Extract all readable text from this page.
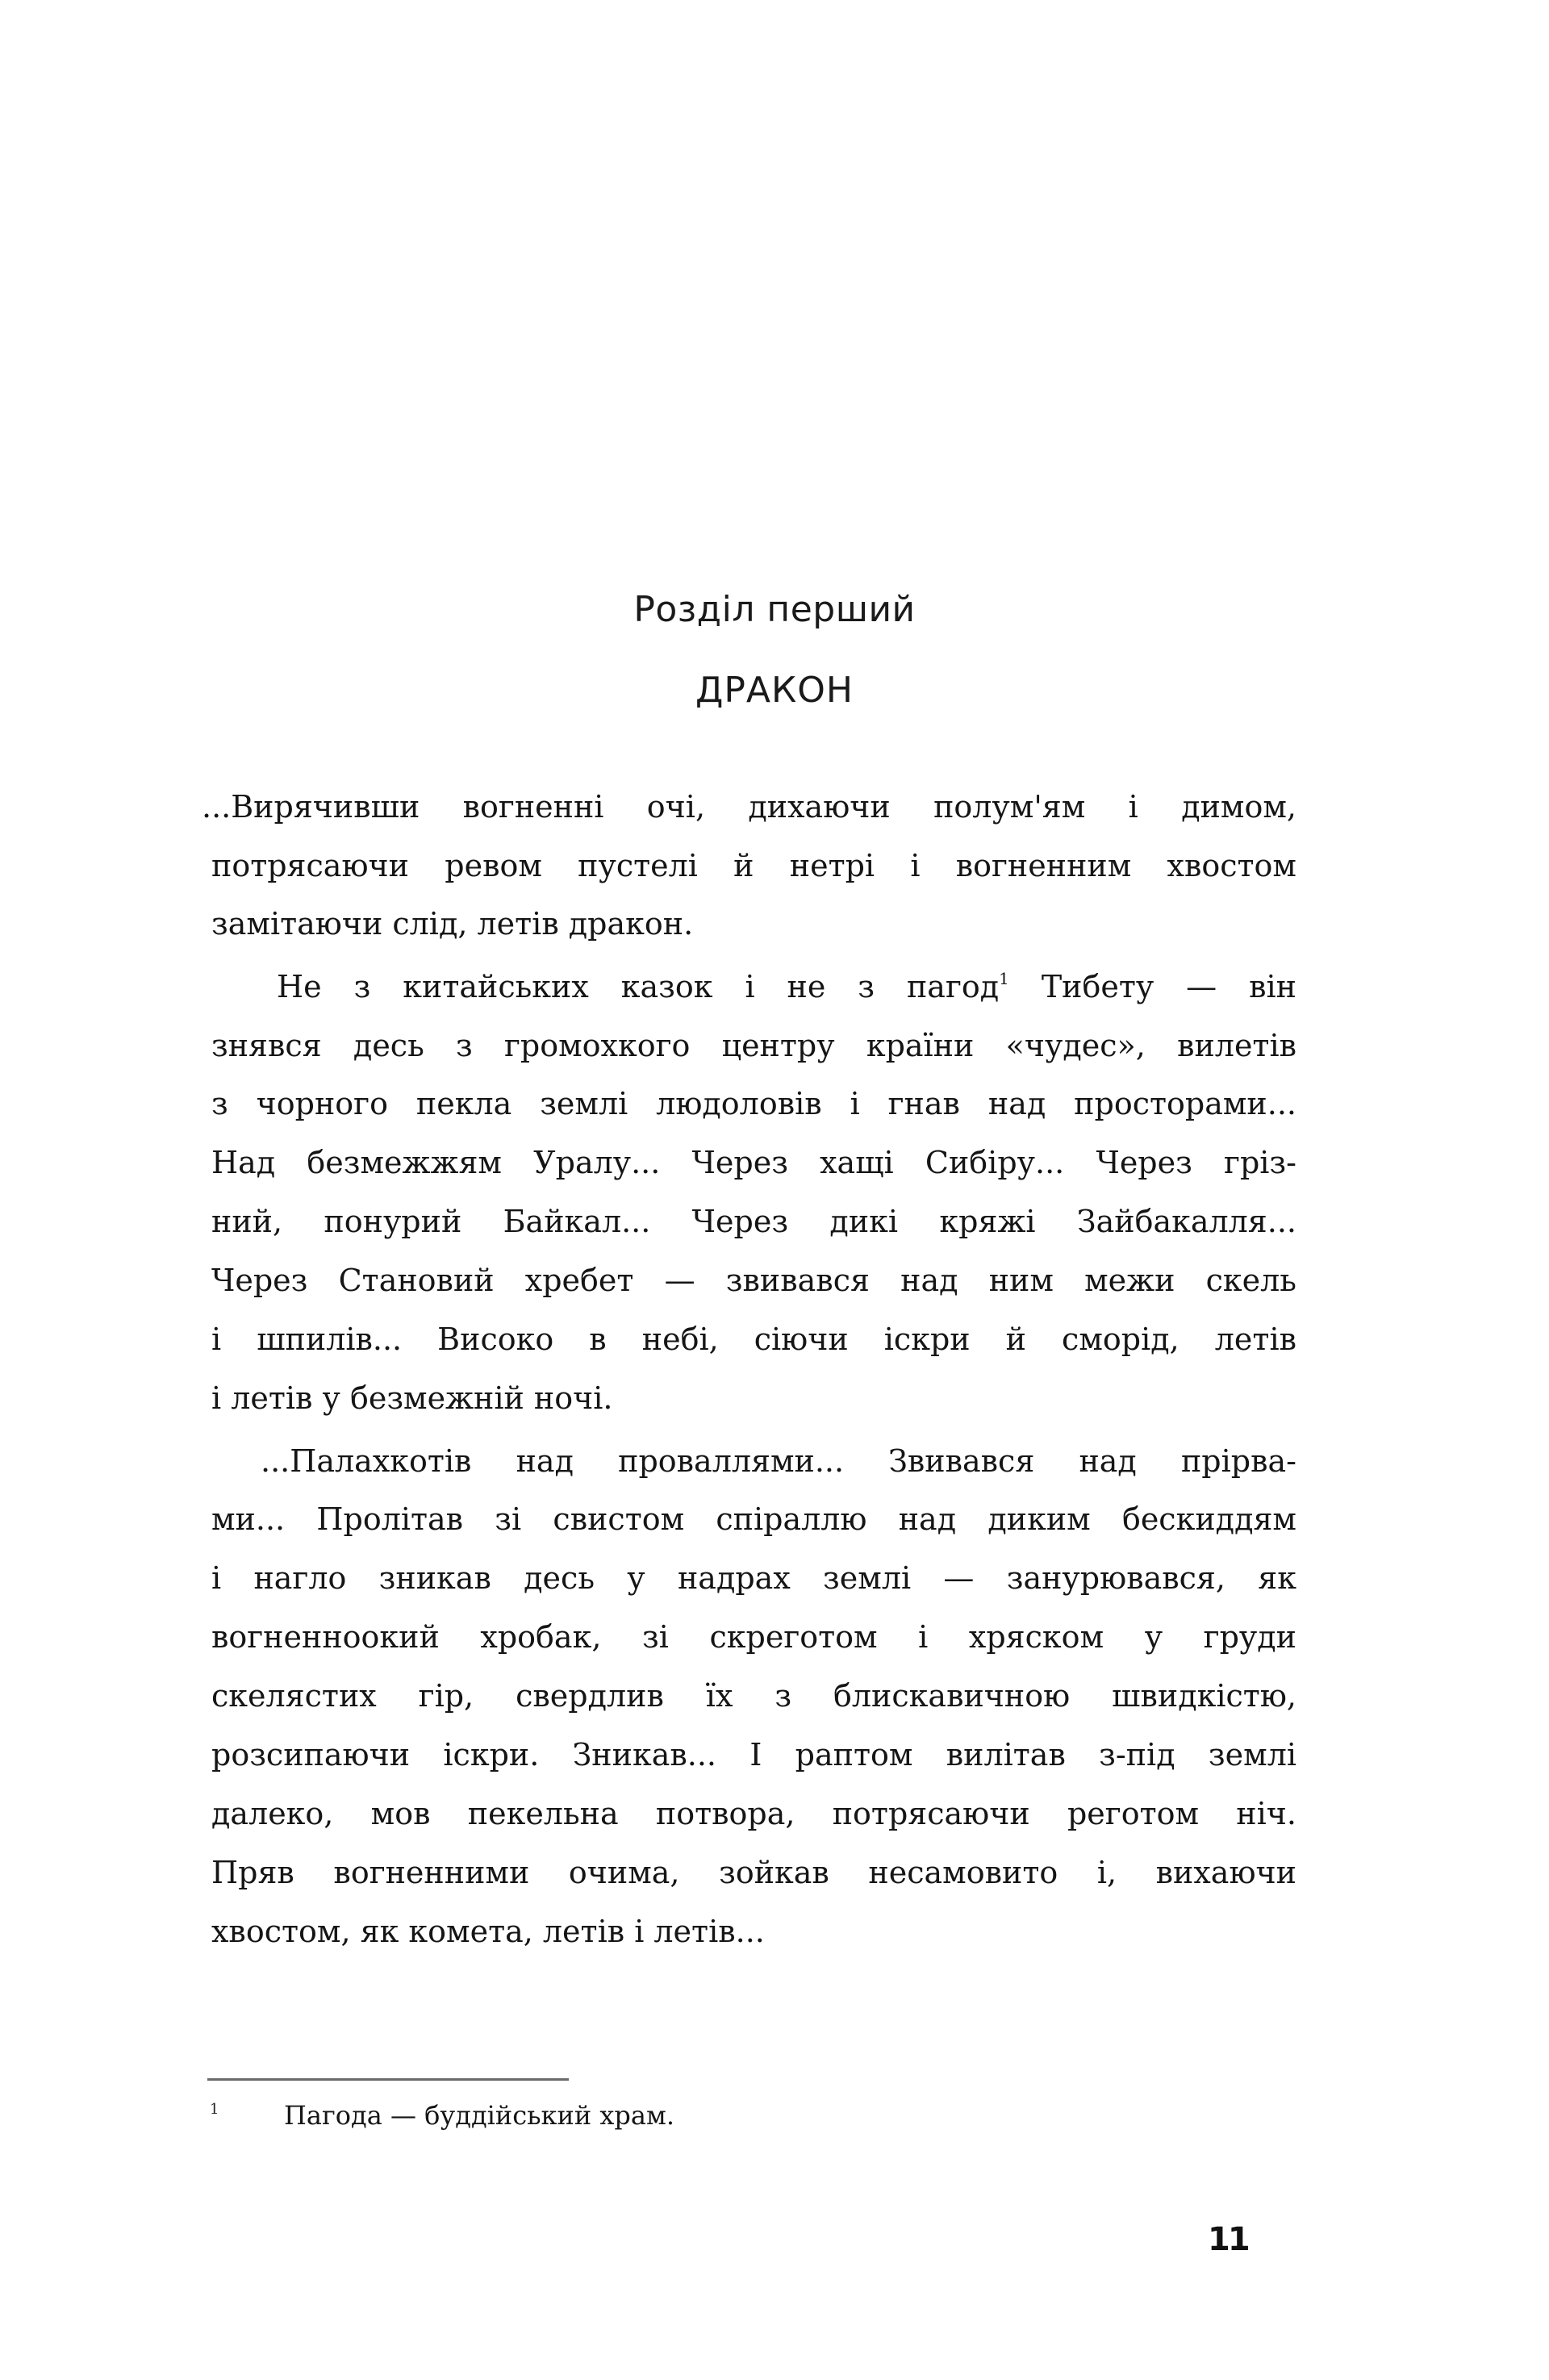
Розділ перший
ДРАКОН
...Вирячивши вогненні очі, дихаючи полум'ям і димом,
потрясаючи ревом пустелі й нетрі і вогненним хвостом
замітаючи слід, летів дракон.
Не з китайських казок і не з пагод$^1$ Тибету — він
знявся десь з громохкого центру країни «чудес», вилетів
з чорного пекла землі людоловів і гнав над просторами...
Над безмежжям Уралу... Через хащі Сибіру... Через гріз-
ний, понурий Байкал... Через дикі кряжі Зайбакалля...
Через Становий хребет — звивався над ним межи скель
і шпилів... Високо в небі, сіючи іскри й сморід, летів
і летів у безмежній ночі.
...Палахкотів над проваллями... Звивався над прірва-
ми... Пролітав зі свистом спіраллю над диким бескиддям
і нагло зникав десь у надрах землі — занурювався, як
вогненноокий хробак, зі скреготом і хряском у груди
скелястих гір, свердлив їх з блискавичною швидкістю,
розсипаючи іскри. Зникав... І раптом вилітав з-під землі
далеко, мов пекельна потвора, потрясаючи реготом ніч.
Пряв вогненними очима, зойкав несамовито і, вихаючи
хвостом, як комета, летів і летів...
1	Пагода — буддійський храм.
11
